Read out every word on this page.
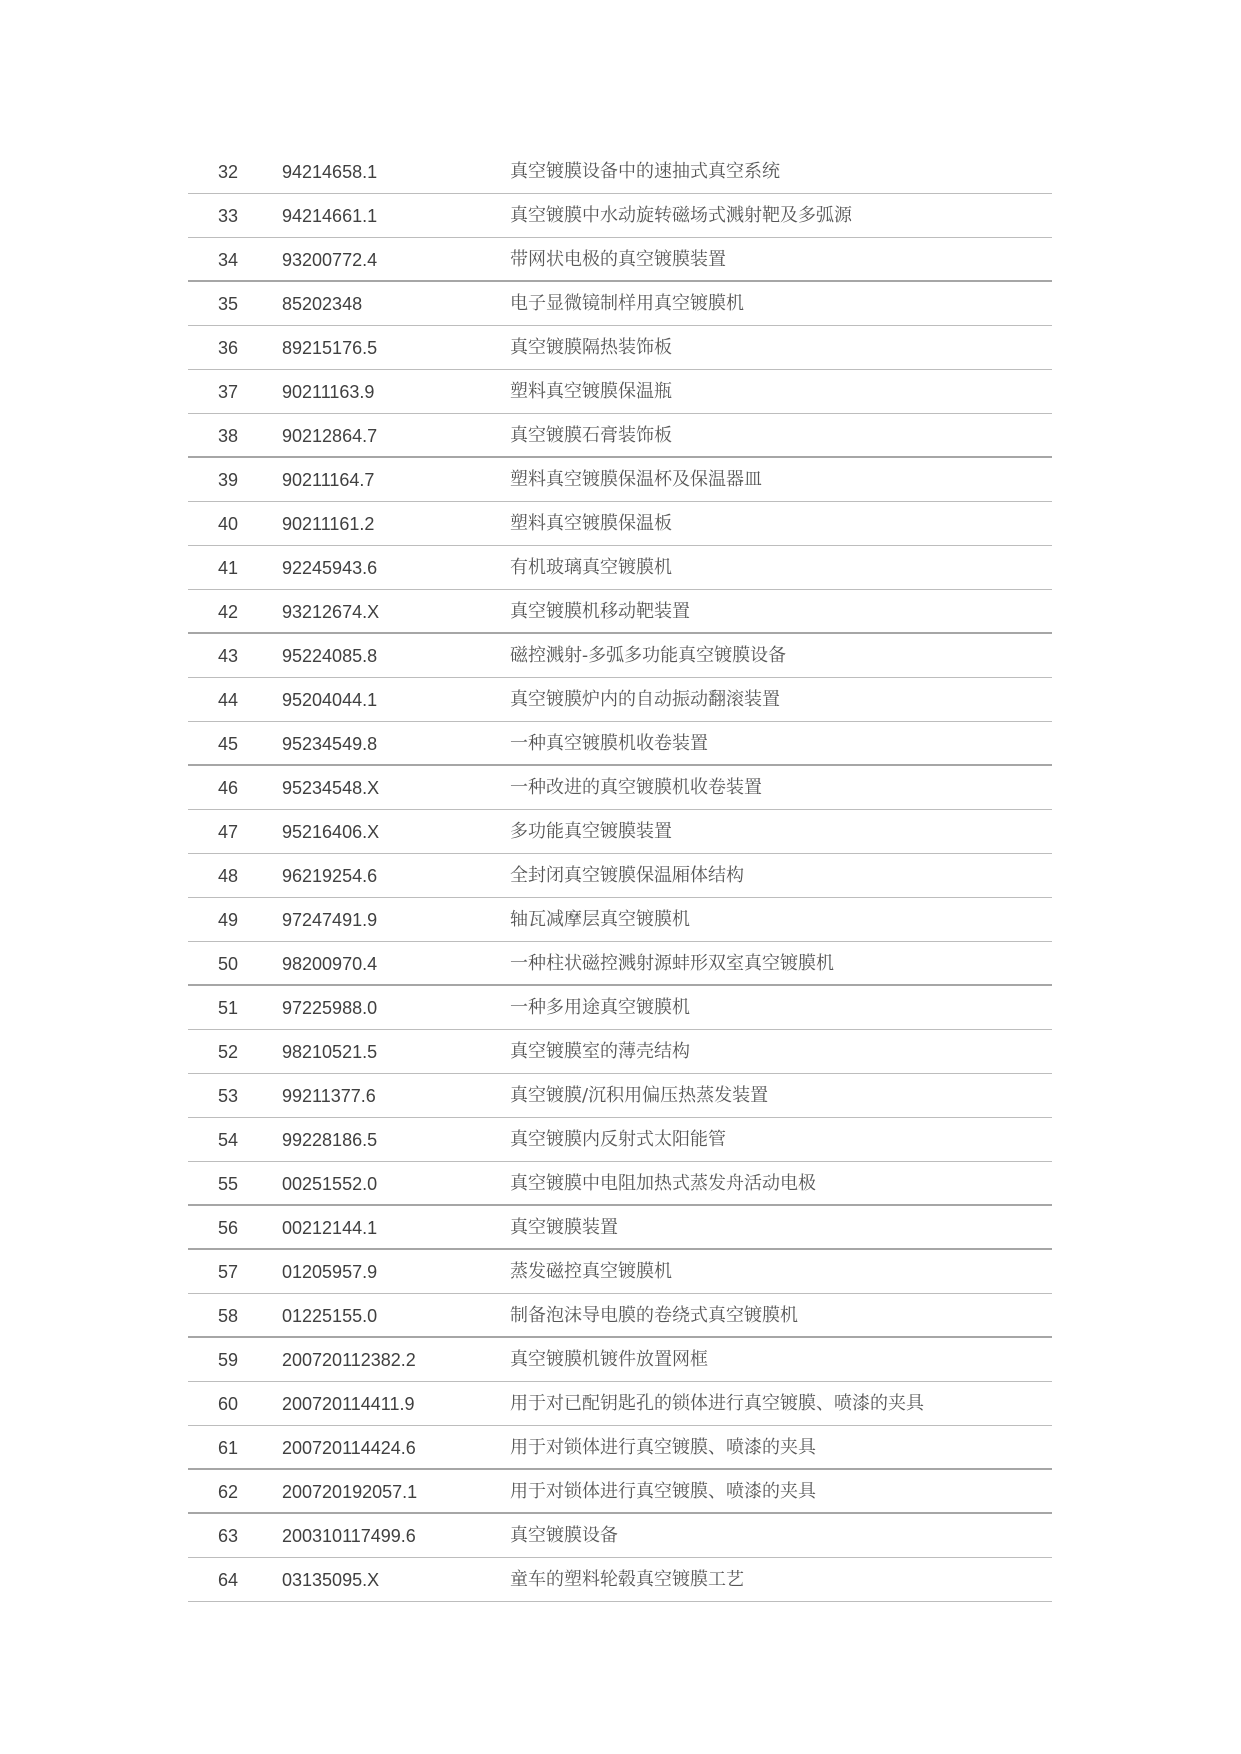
32	94214658.1	真空镀膜设备中的速抽式真空系统
33	94214661.1	真空镀膜中水动旋转磁场式溅射靶及多弧源
34	93200772.4	带网状电极的真空镀膜装置
35	85202348	电子显微镜制样用真空镀膜机
36	89215176.5	真空镀膜隔热装饰板
37	90211163.9	塑料真空镀膜保温瓶
38	90212864.7	真空镀膜石膏装饰板
39	90211164.7	塑料真空镀膜保温杯及保温器皿
40	90211161.2	塑料真空镀膜保温板
41	92245943.6	有机玻璃真空镀膜机
42	93212674.X	真空镀膜机移动靶装置
43	95224085.8	磁控溅射-多弧多功能真空镀膜设备
44	95204044.1	真空镀膜炉内的自动振动翻滚装置
45	95234549.8	一种真空镀膜机收卷装置
46	95234548.X	一种改进的真空镀膜机收卷装置
47	95216406.X	多功能真空镀膜装置
48	96219254.6	全封闭真空镀膜保温厢体结构
49	97247491.9	轴瓦减摩层真空镀膜机
50	98200970.4	一种柱状磁控溅射源蚌形双室真空镀膜机
51	97225988.0	一种多用途真空镀膜机
52	98210521.5	真空镀膜室的薄壳结构
53	99211377.6	真空镀膜/沉积用偏压热蒸发装置
54	99228186.5	真空镀膜内反射式太阳能管
55	00251552.0	真空镀膜中电阻加热式蒸发舟活动电极
56	00212144.1	真空镀膜装置
57	01205957.9	蒸发磁控真空镀膜机
58	01225155.0	制备泡沫导电膜的卷绕式真空镀膜机
59	200720112382.2	真空镀膜机镀件放置网框
60	200720114411.9	用于对已配钥匙孔的锁体进行真空镀膜、喷漆的夹具
61	200720114424.6	用于对锁体进行真空镀膜、喷漆的夹具
62	200720192057.1	用于对锁体进行真空镀膜、喷漆的夹具
63	200310117499.6	真空镀膜设备
64	03135095.X	童车的塑料轮毂真空镀膜工艺
